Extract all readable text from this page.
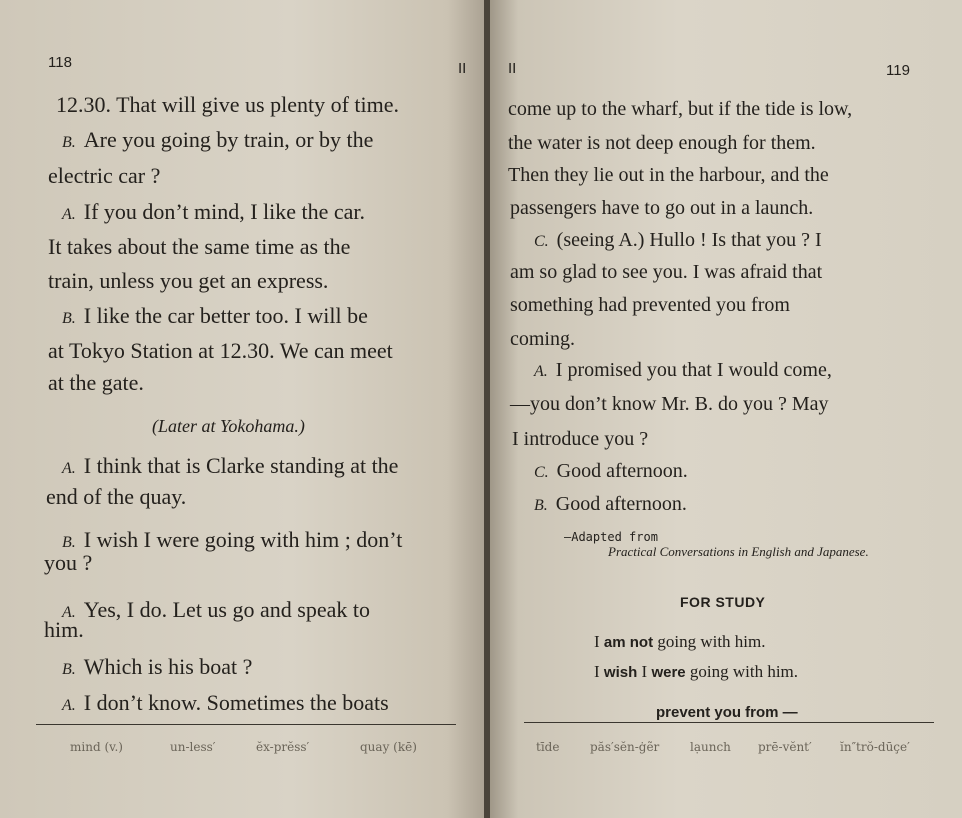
118	II
12.30. That will give us plenty of time.
B. Are you going by train, or by the
electric car ?
A. If you don’t mind, I like the car.
It takes about the same time as the
train, unless you get an express.
B. I like the car better too. I will be
at Tokyo Station at 12.30. We can meet
at the gate.
(Later at Yokohama.)
A. I think that is Clarke standing at the
end of the quay.
B. I wish I were going with him ; don’t
you ?
A. Yes, I do. Let us go and speak to
him.
B. Which is his boat ?
A. I don’t know. Sometimes the boats
mind (v.)	un-less′	ĕx-prĕss′	quay (kē)
II	119
come up to the wharf, but if the tide is low,
the water is not deep enough for them.
Then they lie out in the harbour, and the
passengers have to go out in a launch.
C. (seeing A.) Hullo ! Is that you ? I
am so glad to see you. I was afraid that
something had prevented you from
coming.
A. I promised you that I would come,
—you don’t know Mr. B. do you ? May
I introduce you ?
C. Good afternoon.
B. Good afternoon.
—Adapted from
Practical Conversations in English and Japanese.
FOR STUDY
I am not going with him.
I wish I were going with him.
prevent you from —
tīde	păs′sĕn-ġẽr	lạunch	prē-vĕnt′	ĭn″trŏ-dūçe′
